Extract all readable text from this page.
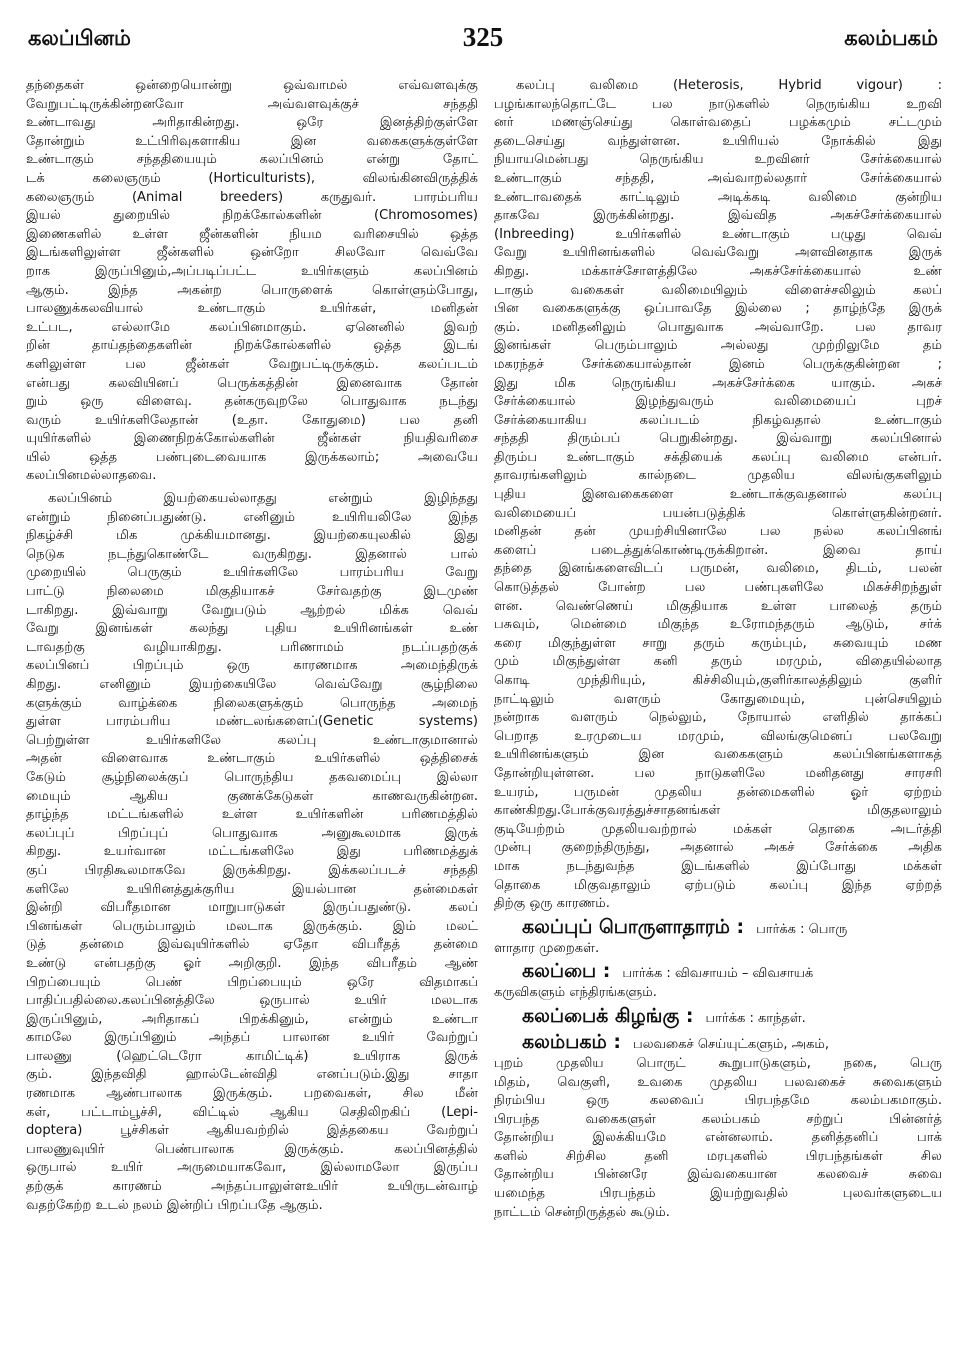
கலப்பினம்	325	கலம்பகம்
தந்தைகள் ஒன்றையொன்று ஒவ்வாமல் எவ்வளவுக்கு
வேறுபட்டிருக்கின்றனவோ அவ்வளவுக்குச் சந்ததி
உண்டாவது அரிதாகின்றது. ஒரே இனத்திற்குள்ளே
தோன்றும் உட்பிரிவுகளாகிய இன வகைகளுக்குள்ளே
உண்டாகும் சந்ததியையும் கலப்பினம் என்று தோட்
டக் கலைஞரும் (Horticulturists), விலங்கினவிருத்திக்
கலைஞரும் (Animal breeders) கருதுவர். பாரம்பரிய
இயல் துறையில் நிறக்கோல்களின் (Chromosomes)
இணைகளில் உள்ள ஜீன்களின் நியம வரிசையில் ஒத்த
இடங்களிலுள்ள ஜீன்களில் ஒன்றோ சிலவோ வெவ்வே
றாக இருப்பினும்,அப்படிப்பட்ட உயிர்களும் கலப்பினம்
ஆகும். இந்த அகன்ற பொருளைக் கொள்ளும்போது,
பாலணுக்கலவியால் உண்டாகும் உயிர்கள், மனிதன்
உட்பட, எல்லாமே கலப்பினமாகும். ஏனெனில் இவற்
றின் தாய்தந்தைகளின் நிறக்கோல்களில் ஒத்த இடங்
களிலுள்ள பல ஜீன்கள் வேறுபட்டிருக்கும். கலப்படம்
என்பது கலவியினப் பெருக்கத்தின் இனைவாக தோன்
றும் ஒரு விளைவு. தன்கருவுறலே பொதுவாக நடந்து
வரும் உயிர்களிலேதான் (உதா. கோதுமை) பல தனி
யுயிர்களில் இணைநிறக்கோல்களின் ஜீன்கள் நியதிவரிசை
யில் ஒத்த பண்புடைவையாக இருக்கலாம்; அவையே
கலப்பினமல்லாதவை.
கலப்பினம் இயற்கையல்லாதது என்றும் இழிந்தது
என்றும் நினைப்பதுண்டு. எனினும் உயிரியலிலே இந்த
நிகழ்ச்சி மிக முக்கியமானது. இயற்கையுலகில் இது
நெடுக நடந்துகொண்டே வருகிறது. இதனால் பால்
முறையில் பெருகும் உயிர்களிலே பாரம்பரிய வேறு
பாட்டு நிலைமை மிகுதியாகச் சேர்வதற்கு இடமுண்
டாகிறது. இவ்வாறு வேறுபடும் ஆற்றல் மிக்க வெவ்
வேறு இனங்கள் கலந்து புதிய உயிரினங்கள் உண்
டாவதற்கு வழியாகிறது. பரிணாமம் நடப்பதற்குக்
கலப்பினப் பிறப்பும் ஒரு காரணமாக அமைந்திருக்
கிறது. எனினும் இயற்கையிலே வெவ்வேறு சூழ்நிலை
களுக்கும் வாழ்க்கை நிலைகளுக்கும் பொருந்த அமைந்
துள்ள பாரம்பரிய மண்டலங்களைப்(Genetic systems)
பெற்றுள்ள உயிர்களிலே கலப்பு உண்டாகுமானால்
அதன் விளைவாக உண்டாகும் உயிர்களில் ஒத்திசைக்
கேடும் சூழ்நிலைக்குப் பொருந்திய தகவமைப்பு இல்லா
மையும் ஆகிய குணக்கேடுகள் காணவருகின்றன.
தாழ்ந்த மட்டங்களில் உள்ள உயிர்களின் பரிணமத்தில்
கலப்புப் பிறப்புப் பொதுவாக அனுகூலமாக இருக்
கிறது. உயர்வான மட்டங்களிலே இது பரிணமத்துக்
குப் பிரதிகூலமாகவே இருக்கிறது. இக்கலப்படச் சந்ததி
களிலே உயிரினத்துக்குரிய இயல்பான தன்மைகள்
இன்றி விபரீதமான மாறுபாடுகள் இருப்பதுண்டு. கலப்
பினங்கள் பெரும்பாலும் மலடாக இருக்கும். இம் மலட்
டுத் தன்மை இவ்வுயிர்களில் ஏதோ விபரீதத் தன்மை
உண்டு என்பதற்கு ஓர் அறிகுறி. இந்த விபரீதம் ஆண்
பிறப்பையும் பெண் பிறப்பையும் ஒரே விதமாகப்
பாதிப்பதில்லை.கலப்பினத்திலே ஒருபால் உயிர் மலடாக
இருப்பினும், அரிதாகப் பிறக்கினும், என்றும் உண்டா
காமலே இருப்பினும் அந்தப் பாலான உயிர் வேற்றுப்
பாலணு (ஹெட்டெரோ காமிட்டிக்) உயிராக இருக்
கும். இந்தவிதி ஹால்டேன்விதி எனப்படும்.இது சாதா
ரணமாக ஆண்பாலாக இருக்கும். பறவைகள், சில மீன்
கள், பட்டாம்பூச்சி, விட்டில் ஆகிய செதிலிறகிப் (Lepi-
doptera) பூச்சிகள் ஆகியவற்றில் இத்தகைய வேற்றுப்
பாலணுவுயிர் பெண்பாலாக இருக்கும். கலப்பினத்தில்
ஒருபால் உயிர் அருமையாகவோ, இல்லாமலோ இருப்ப
தற்குக் காரணம் அந்தப்பாலுள்ளஉயிர் உயிருடன்வாழ்
வதற்கேற்ற உடல் நலம் இன்றிப் பிறப்பதே ஆகும்.
கலப்பு வலிமை (Heterosis, Hybrid vigour) :
பழங்காலந்தொட்டே பல நாடுகளில் நெருங்கிய உறவி
னர் மணஞ்செய்து கொள்வதைப் பழக்கமும் சட்டமும்
தடைசெய்து வந்துள்ளன. உயிரியல் நோக்கில் இது
நியாயமென்பது நெருங்கிய உறவினர் சேர்க்கையால்
உண்டாகும் சந்ததி, அவ்வாறல்லதார் சேர்க்கையால்
உண்டாவதைக் காட்டிலும் அடிக்கடி வலிமை குன்றிய
தாகவே இருக்கின்றது. இவ்வித அகச்சேர்க்கையால்
(Inbreeding) உயிர்களில் உண்டாகும் பழுது வெவ்
வேறு உயிரினங்களில் வெவ்வேறு அளவினதாக இருக்
கிறது. மக்காச்சோளத்திலே அகச்சேர்க்கையால் உண்
டாகும் வகைகள் வலிமையிலும் விளைச்சலிலும் கலப்
பின வகைகளுக்கு ஒப்பாவதே இல்லை ; தாழ்ந்தே இருக்
கும். மனிதனிலும் பொதுவாக அவ்வாறே. பல தாவர
இனங்கள் பெரும்பாலும் அல்லது முற்றிலுமே தம்
மகரந்தச் சேர்க்கையால்தான் இனம் பெருக்குகின்றன ;
இது மிக நெருங்கிய அகச்சேர்க்கை யாகும். அகச்
சேர்க்கையால் இழந்துவரும் வலிமையைப் புறச்
சேர்க்கையாகிய கலப்படம் நிகழ்வதால் உண்டாகும்
சந்ததி திரும்பப் பெறுகின்றது. இவ்வாறு கலப்பினால்
திரும்ப உண்டாகும் சக்தியைக் கலப்பு வலிமை என்பர்.
தாவரங்களிலும் கால்நடை முதலிய விலங்குகளிலும்
புதிய இனவகைகளை உண்டாக்குவதனால் கலப்பு
வலிமையைப் பயன்படுத்திக் கொள்ளுகின்றனர்.
மனிதன் தன் முயற்சியினாலே பல நல்ல கலப்பினங்
களைப் படைத்துக்கொண்டிருக்கிறான். இவை தாய்
தந்தை இனங்களைவிடப் பருமன், வலிமை, திடம், பலன்
கொடுத்தல் போன்ற பல பண்புகளிலே மிகச்சிறந்துள்
ளன. வெண்ணெய் மிகுதியாக உள்ள பாலைத் தரும்
பசுவும், மென்மை மிகுந்த உரோமந்தரும் ஆடும், சர்க்
கரை மிகுந்துள்ள சாறு தரும் கரும்பும், சுவையும் மண
மும் மிகுந்துள்ள கனி தரும் மரமும், விதையில்லாத
கொடி முந்திரியும், கிச்சிலியும்,குளிர்காலத்திலும் குளிர்
நாட்டிலும் வளரும் கோதுமையும், புன்செயிலும்
நன்றாக வளரும் நெல்லும், நோயால் எளிதில் தாக்கப்
பெறாத உரமுடைய மரமும், விலங்குமெனப் பலவேறு
உயிரினங்களும் இன வகைகளும் கலப்பினங்களாகத்
தோன்றியுள்ளன. பல நாடுகளிலே மனிதனது சாரசரி
உயரம், பருமன் முதலிய தன்மைகளில் ஓர் ஏற்றம்
காண்கிறது.போக்குவரத்துச்சாதனங்கள் மிகுதலாலும்
குடியேற்றம் முதலியவற்றால் மக்கள் தொகை அடர்த்தி
முன்பு குறைந்திருந்து, அதனால் அகச் சேர்க்கை அதிக
மாக நடந்துவந்த இடங்களில் இப்போது மக்கள்
தொகை மிகுவதாலும் ஏற்படும் கலப்பு இந்த ஏற்றத்
திற்கு ஒரு காரணம்.
கலப்புப் பொருளாதாரம் : பார்க்க : பொரு
ளாதார முறைகள்.
கலப்பை : பார்க்க : விவசாயம் – விவசாயக்
கருவிகளும் எந்திரங்களும்.
கலப்பைக் கிழங்கு : பார்க்க : காந்தள்.
கலம்பகம் : பலவகைச் செய்யுட்களும், அகம்,
புறம் முதலிய பொருட் கூறுபாடுகளும், நகை, பெரு
மிதம், வெகுளி, உவகை முதலிய பலவகைச் சுவைகளும்
நிரம்பிய ஒரு கலவைப் பிரபந்தமே கலம்பகமாகும்.
பிரபந்த வகைகளுள் கலம்பகம் சற்றுப் பின்னர்த்
தோன்றிய இலக்கியமே என்னலாம். தனித்தனிப் பாக்
களில் சிற்சில தனி மரபுகளில் பிரபந்தங்கள் சில
தோன்றிய பின்னரே இவ்வகையான கலவைச் சுவை
யமைந்த பிரபந்தம் இயற்றுவதில் புலவர்களுடைய
நாட்டம் சென்றிருத்தல் கூடும்.
